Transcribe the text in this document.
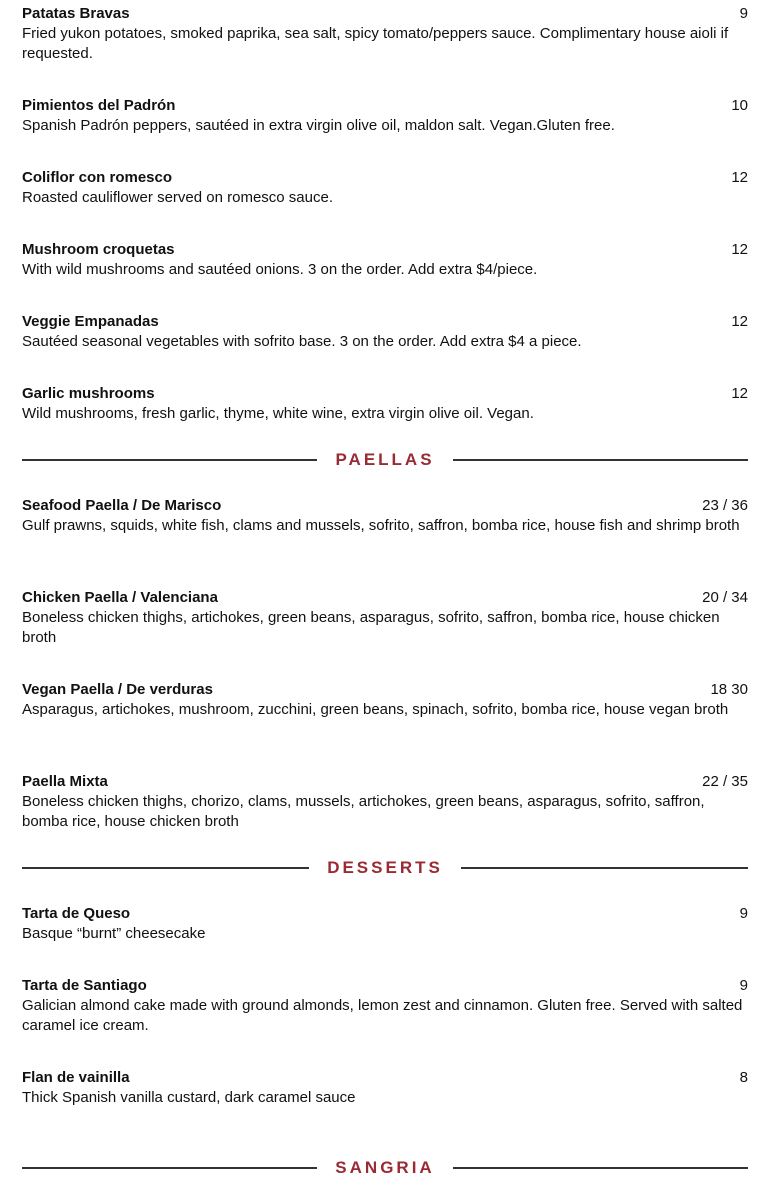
Patatas Bravas	9
Fried yukon potatoes, smoked paprika, sea salt, spicy tomato/peppers sauce. Complimentary house aioli if requested.
Pimientos del Padrón	10
Spanish Padrón peppers, sautéed in extra virgin olive oil, maldon salt. Vegan.Gluten free.
Coliflor con romesco	12
Roasted cauliflower served on romesco sauce.
Mushroom croquetas	12
With wild mushrooms and sautéed onions. 3 on the order. Add extra $4/piece.
Veggie Empanadas	12
Sautéed seasonal vegetables with sofrito base. 3 on the order. Add extra $4 a piece.
Garlic mushrooms	12
Wild mushrooms, fresh garlic, thyme, white wine, extra virgin olive oil. Vegan.
PAELLAS
Seafood Paella / De Marisco	23 / 36
Gulf prawns, squids, white fish, clams and mussels, sofrito, saffron, bomba rice, house fish and shrimp broth
Chicken Paella / Valenciana	20 / 34
Boneless chicken thighs, artichokes, green beans, asparagus, sofrito, saffron, bomba rice, house chicken broth
Vegan Paella / De verduras	18 30
Asparagus, artichokes, mushroom, zucchini, green beans, spinach, sofrito, bomba rice, house vegan broth
Paella Mixta	22 / 35
Boneless chicken thighs, chorizo, clams, mussels, artichokes, green beans, asparagus, sofrito, saffron, bomba rice, house chicken broth
DESSERTS
Tarta de Queso	9
Basque “burnt” cheesecake
Tarta de Santiago	9
Galician almond cake made with ground almonds, lemon zest and cinnamon. Gluten free. Served with salted caramel ice cream.
Flan de vainilla	8
Thick Spanish vanilla custard, dark caramel sauce
SANGRIA
